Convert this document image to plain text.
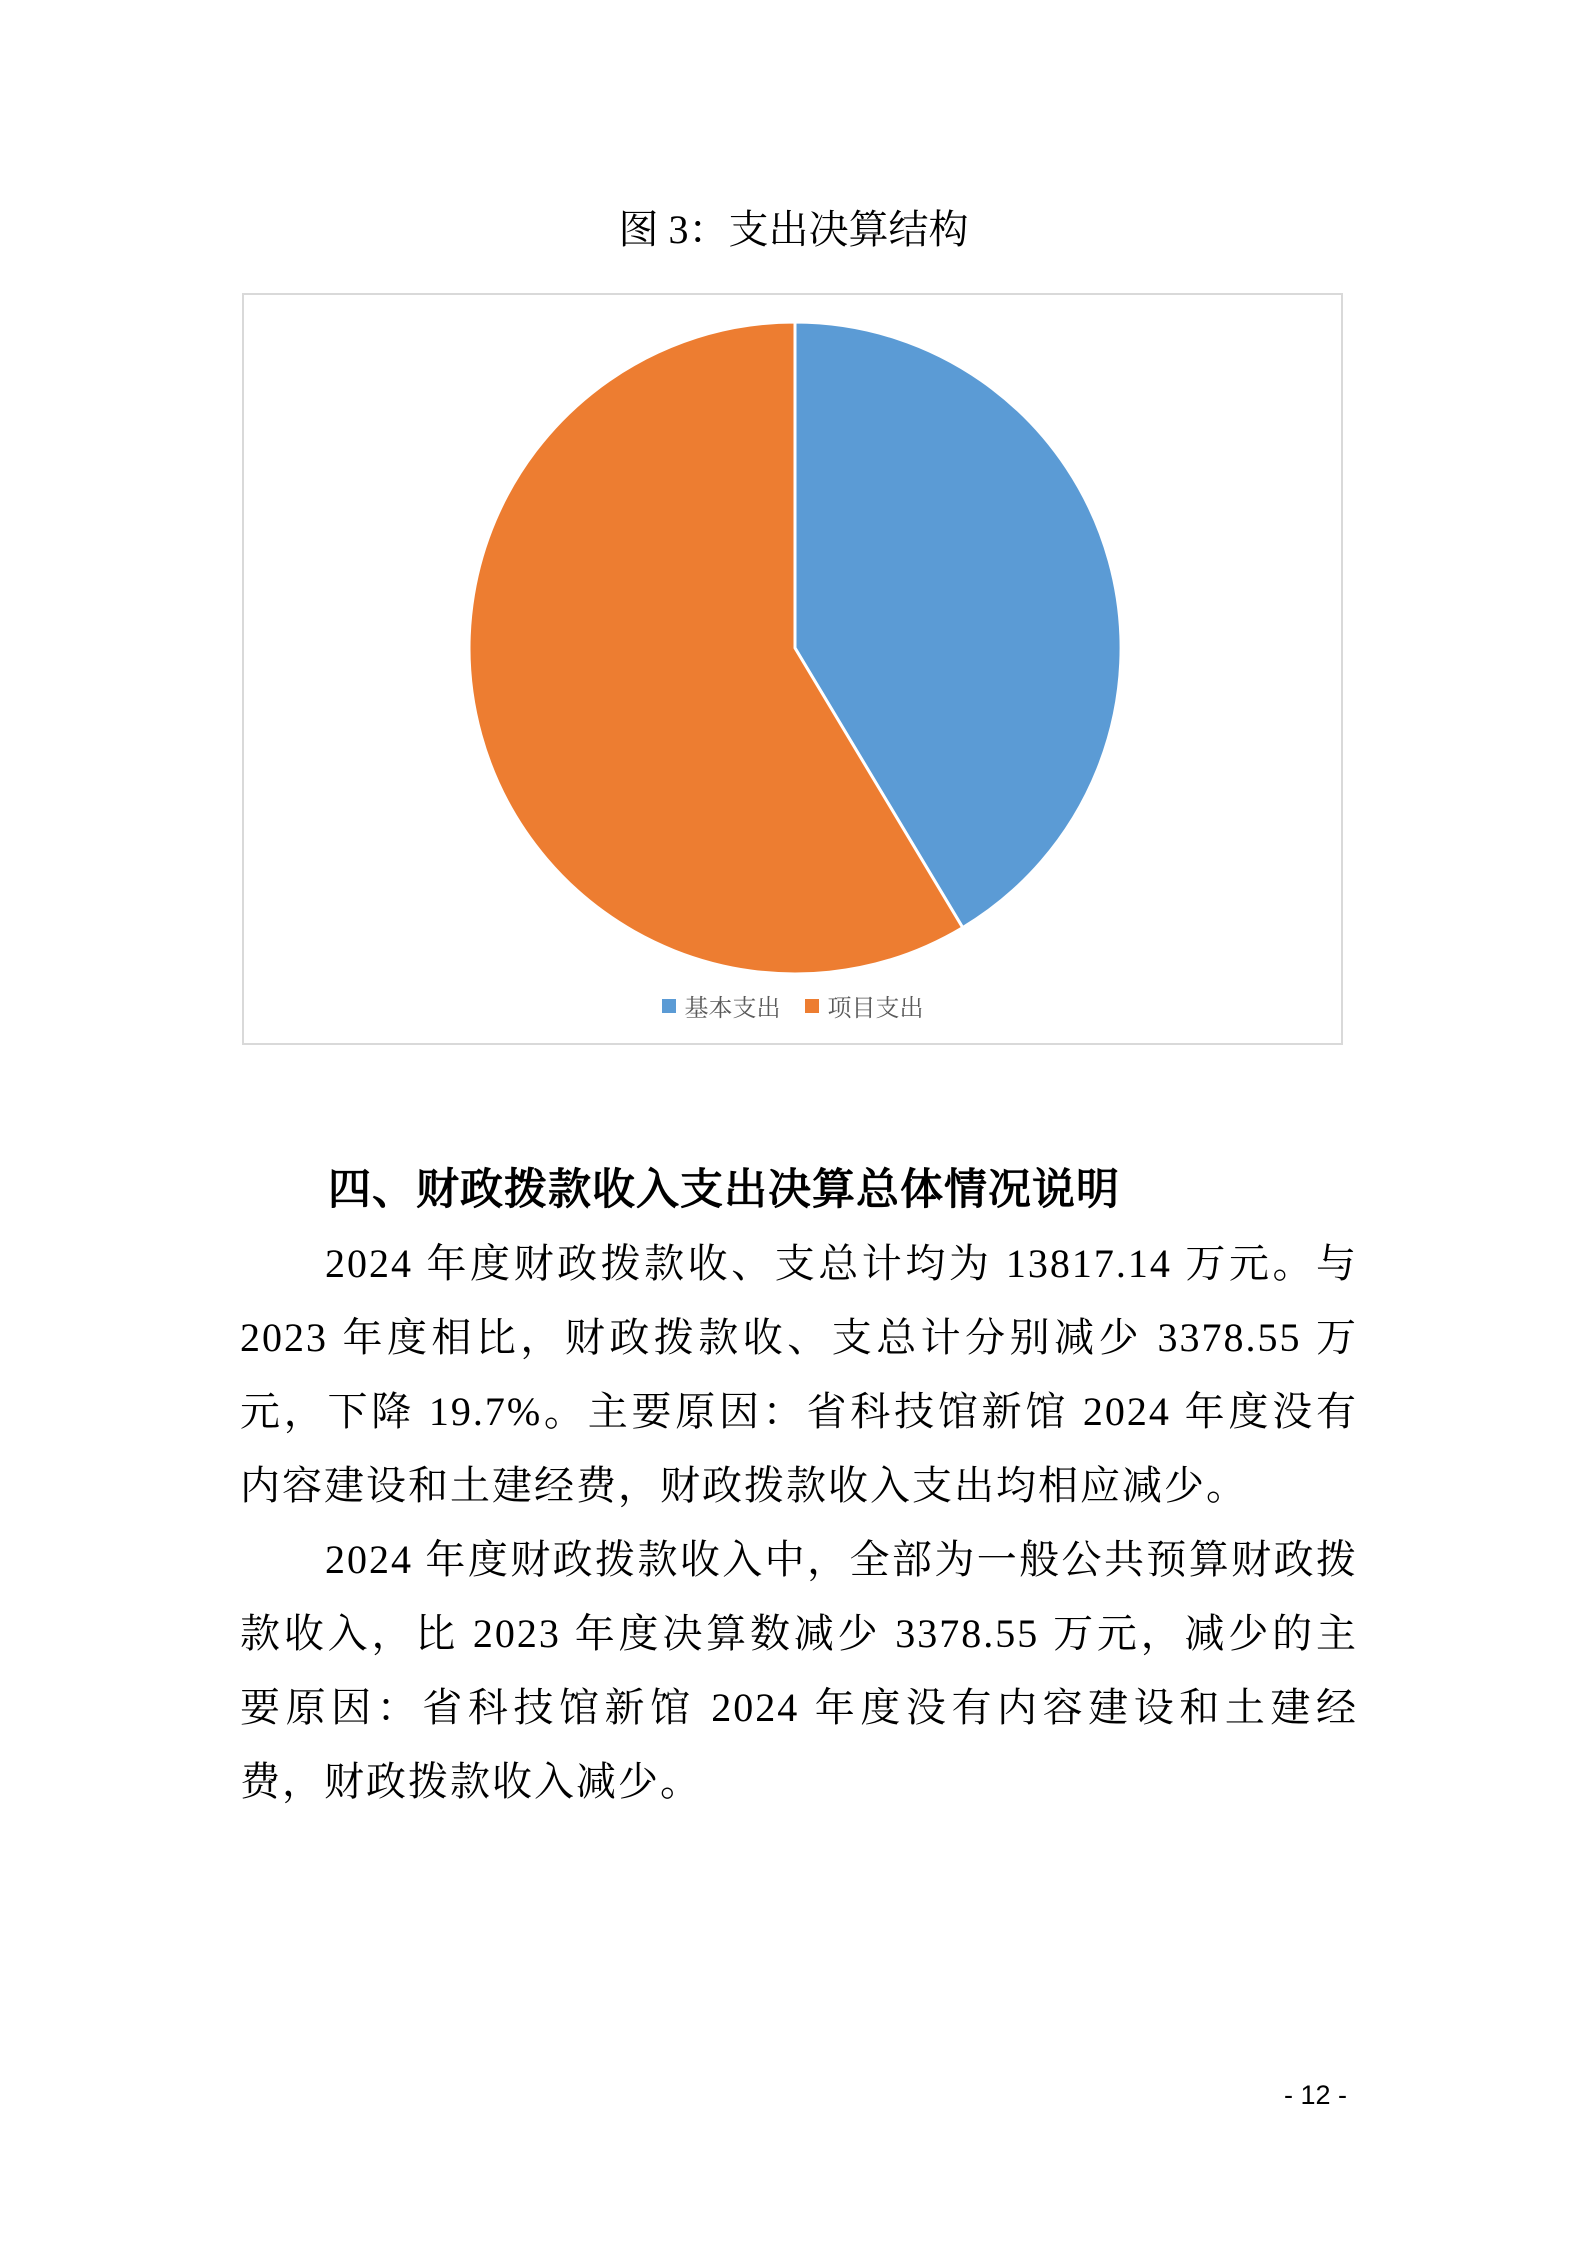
图 3：支出决算结构
基本支出 项目支出
四、财政拨款收入支出决算总体情况说明

2024 年度财政拨款收、支总计均为 13817.14 万元。与 2023 年度相比，财政拨款收、支总计分别减少 3378.55 万元，下降 19.7%。主要原因：省科技馆新馆 2024 年度没有内容建设和土建经费，财政拨款收入支出均相应减少。

2024 年度财政拨款收入中，全部为一般公共预算财政拨款收入，比 2023 年度决算数减少 3378.55 万元，减少的主要原因：省科技馆新馆 2024 年度没有内容建设和土建经费，财政拨款收入减少。

- 12 -
